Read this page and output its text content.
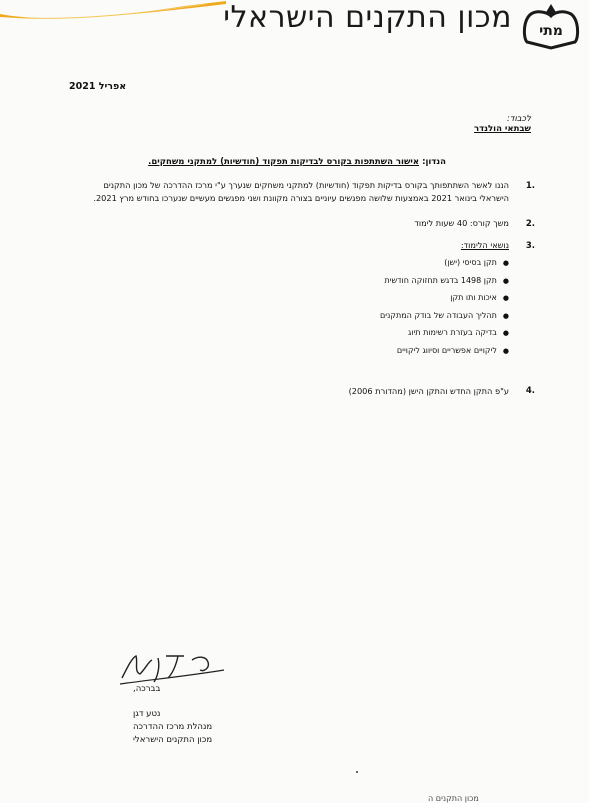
מכון התקנים הישראלי מתי
אפריל 2021
לכבוד:
שבתאי הולנדר
הנדון: אישור השתתפות בקורס לבדיקות תפקוד (חודשיות) למתקני משחקים.
1.
הננו לאשר השתתפותך בקורס בדיקות תפקוד (חודשיות) למתקני משחקים שנערך ע"י מרכז ההדרכה של מכון התקנים
הישראלי בינואר 2021 באמצעות שלושה מפגשים עיוניים בצורה מקוונת ושני מפגשים מעשיים שנערכו בחודש מרץ 2021.
2.
משך קורס: 40 שעות לימוד
3.
נושאי הלימוד:
●תקן בסיסי (ישן)
●תקן 1498 בדגש תחזוקה חודשית
●איכות ותו תקן
●תהליך העבודה של בודק המתקנים
●בדיקה בעזרת רשימות תיוג
●ליקויים אפשריים וסיווג ליקויים
4.
ע"פ התקן החדש והתקן הישן (מהדורת 2006)
בברכה,
נטע דגן
מנהלת מרכז ההדרכה
מכון התקנים הישראלי
מכון התקנים ה
